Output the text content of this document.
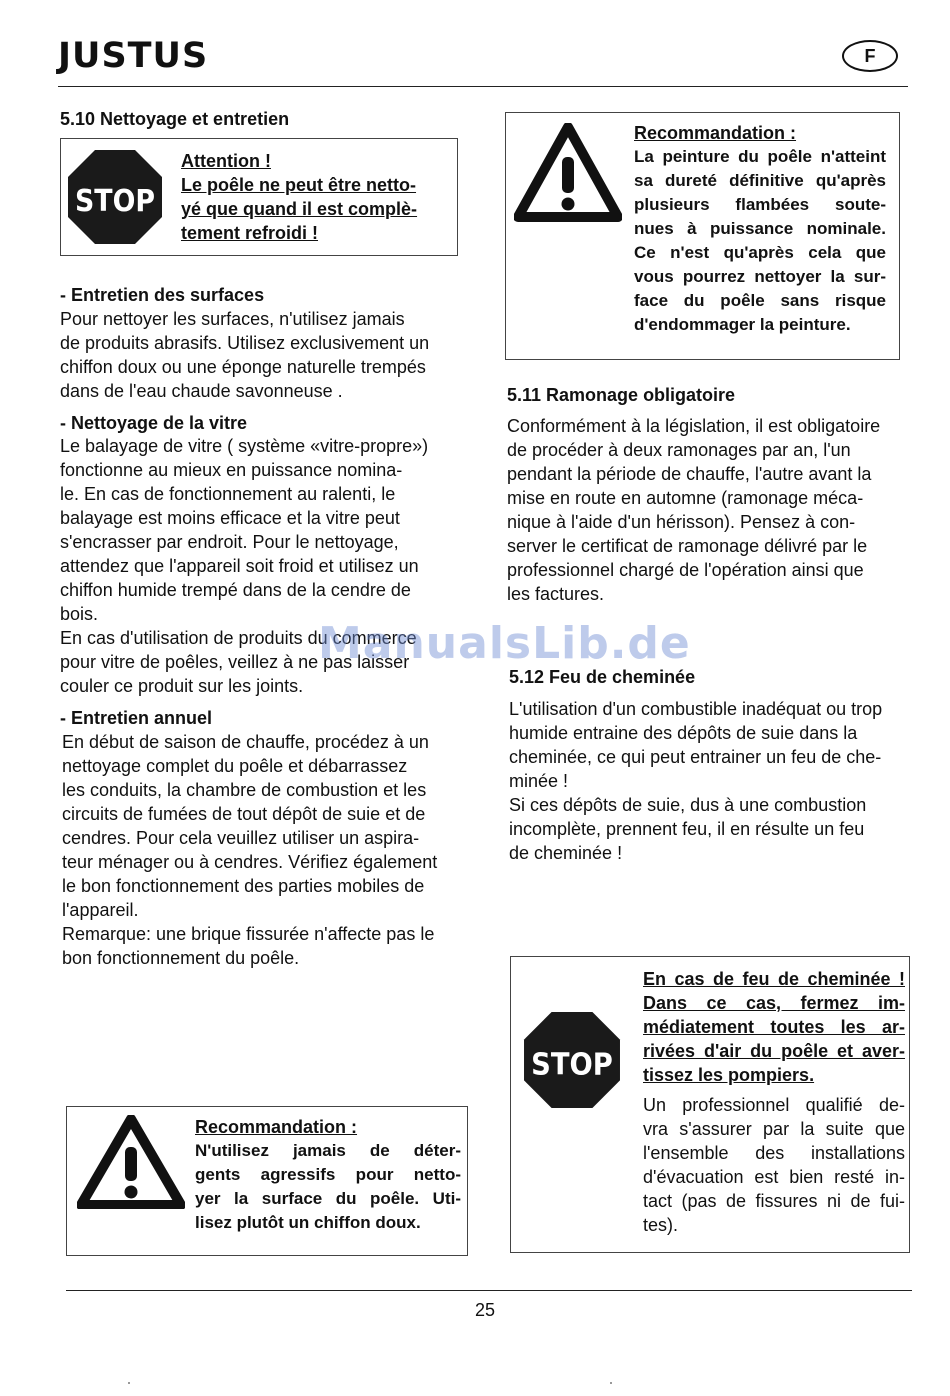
JUSTUS	F
5.10 Nettoyage et entretien
STOP
Attention !
Le poêle ne peut être netto-
yé que quand il est complè-
tement refroidi !
- Entretien des surfaces
Pour nettoyer les surfaces, n'utilisez jamais
de produits abrasifs. Utilisez exclusivement un
chiffon doux ou une éponge naturelle trempés
dans de l'eau chaude savonneuse .
- Nettoyage de la vitre
Le balayage de vitre ( système «vitre-propre»)
fonctionne au mieux en puissance nomina-
le. En cas de fonctionnement au ralenti, le
balayage est moins efficace et la vitre peut
s'encrasser par endroit. Pour le nettoyage,
attendez que l'appareil soit froid et utilisez un
chiffon humide trempé dans de la cendre de
bois.
En cas d'utilisation de produits du commerce
pour vitre de poêles, veillez à ne pas laisser
couler ce produit sur les joints.
- Entretien annuel
En début de saison de chauffe, procédez à un
nettoyage complet du poêle et débarrassez
les conduits, la chambre de combustion et les
circuits de fumées de tout dépôt de suie et de
cendres. Pour cela veuillez utiliser un aspira-
teur ménager ou à cendres. Vérifiez également
le bon fonctionnement des parties mobiles de
l'appareil.
Remarque: une brique fissurée n'affecte pas le
bon fonctionnement du poêle.
Recommandation :
N'utilisez jamais de déter-
gents agressifs pour netto-
yer la surface du poêle. Uti-
lisez plutôt un chiffon doux.
Recommandation :
La peinture du poêle n'atteint
sa dureté définitive qu'après
plusieurs flambées soute-
nues à puissance nominale.
Ce n'est qu'après cela que
vous pourrez nettoyer la sur-
face du poêle sans risque
d'endommager la peinture.
5.11 Ramonage obligatoire
Conformément à la législation, il est obligatoire
de procéder à deux ramonages par an, l'un
pendant la période de chauffe, l'autre avant la
mise en route en automne (ramonage méca-
nique à l'aide d'un hérisson). Pensez à con-
server le certificat de ramonage délivré par le
professionnel chargé de l'opération ainsi que
les factures.
5.12 Feu de cheminée
L'utilisation d'un combustible inadéquat ou trop
humide entraine des dépôts de suie dans la
cheminée, ce qui peut entrainer un feu de che-
minée !
Si ces dépôts de suie, dus à une combustion
incomplète, prennent feu, il en résulte un feu
de cheminée !
STOP
En cas de feu de cheminée !
Dans ce cas, fermez im-
médiatement toutes les ar-
rivées d'air du poêle et aver-
tissez les pompiers.
Un professionnel qualifié de-
vra s'assurer par la suite que
l'ensemble des installations
d'évacuation est bien resté in-
tact (pas de fissures ni de fui-
tes).
ManualsLib.de
25
